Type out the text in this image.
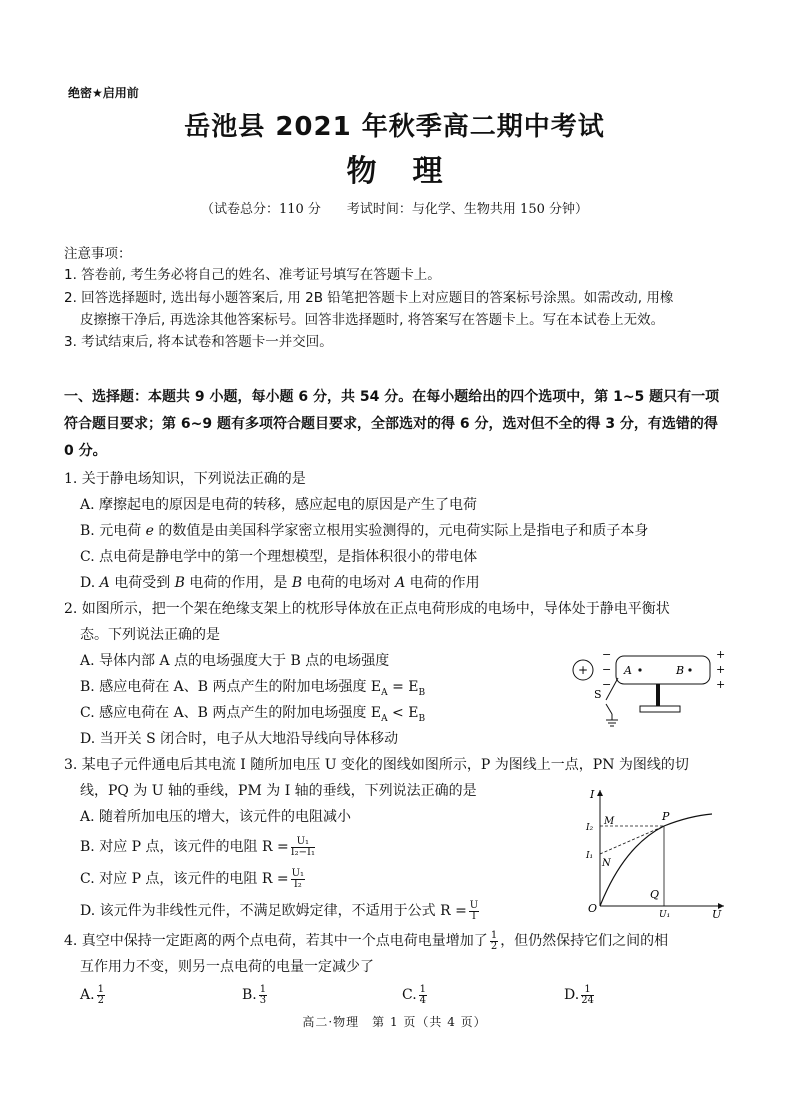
绝密★启用前
岳池县 2021 年秋季高二期中考试
物理
（试卷总分：110 分　　考试时间：与化学、生物共用 150 分钟）
注意事项：
1. 答卷前, 考生务必将自己的姓名、准考证号填写在答题卡上。
2. 回答选择题时, 选出每小题答案后, 用 2B 铅笔把答题卡上对应题目的答案标号涂黑。如需改动, 用橡
皮擦擦干净后, 再选涂其他答案标号。回答非选择题时, 将答案写在答题卡上。写在本试卷上无效。
3. 考试结束后, 将本试卷和答题卡一并交回。
一、选择题：本题共 9 小题，每小题 6 分，共 54 分。在每小题给出的四个选项中，第 1~5 题只有一项符合题目要求；第 6~9 题有多项符合题目要求，全部选对的得 6 分，选对但不全的得 3 分，有选错的得 0 分。
1. 关于静电场知识，下列说法正确的是
A. 摩擦起电的原因是电荷的转移，感应起电的原因是产生了电荷
B. 元电荷 e 的数值是由美国科学家密立根用实验测得的，元电荷实际上是指电子和质子本身
C. 点电荷是静电学中的第一个理想模型，是指体积很小的带电体
D. A 电荷受到 B 电荷的作用，是 B 电荷的电场对 A 电荷的作用
2. 如图所示，把一个架在绝缘支架上的枕形导体放在正点电荷形成的电场中，导体处于静电平衡状
态。下列说法正确的是
A. 导体内部 A 点的电场强度大于 B 点的电场强度
B. 感应电荷在 A、B 两点产生的附加电场强度 $E_A = E_B$
C. 感应电荷在 A、B 两点产生的附加电场强度 $E_A < E_B$
D. 当开关 S 闭合时，电子从大地沿导线向导体移动
+
−
−
−
A	B
+
+
+
S
3. 某电子元件通电后其电流 I 随所加电压 U 变化的图线如图所示，P 为图线上一点，PN 为图线的切
线，PQ 为 U 轴的垂线，PM 为 I 轴的垂线，下列说法正确的是
A. 随着所加电压的增大，该元件的电阻减小
B. 对应 P 点，该元件的电阻 $R = \frac{\text{U₁}}{\text{I₂−I₁}}$
C. 对应 P 点，该元件的电阻 $R = \frac{\text{U₁}}{\text{I₂}}$
D. 该元件为非线性元件，不满足欧姆定律，不适用于公式 $R = \frac{U}{I}$
I
U
O
I₂
I₁
M	P
N
Q
U₁
4. 真空中保持一定距离的两个点电荷，若其中一个点电荷电量增加了 $\frac{1}{2}$ ，但仍然保持它们之间的相
互作用力不变，则另一点电荷的电量一定减少了
A. $\frac{1}{2}$	B. $\frac{1}{3}$	C. $\frac{1}{4}$	D. $\frac{1}{24}$
高二·物理　第 1 页（共 4 页）
